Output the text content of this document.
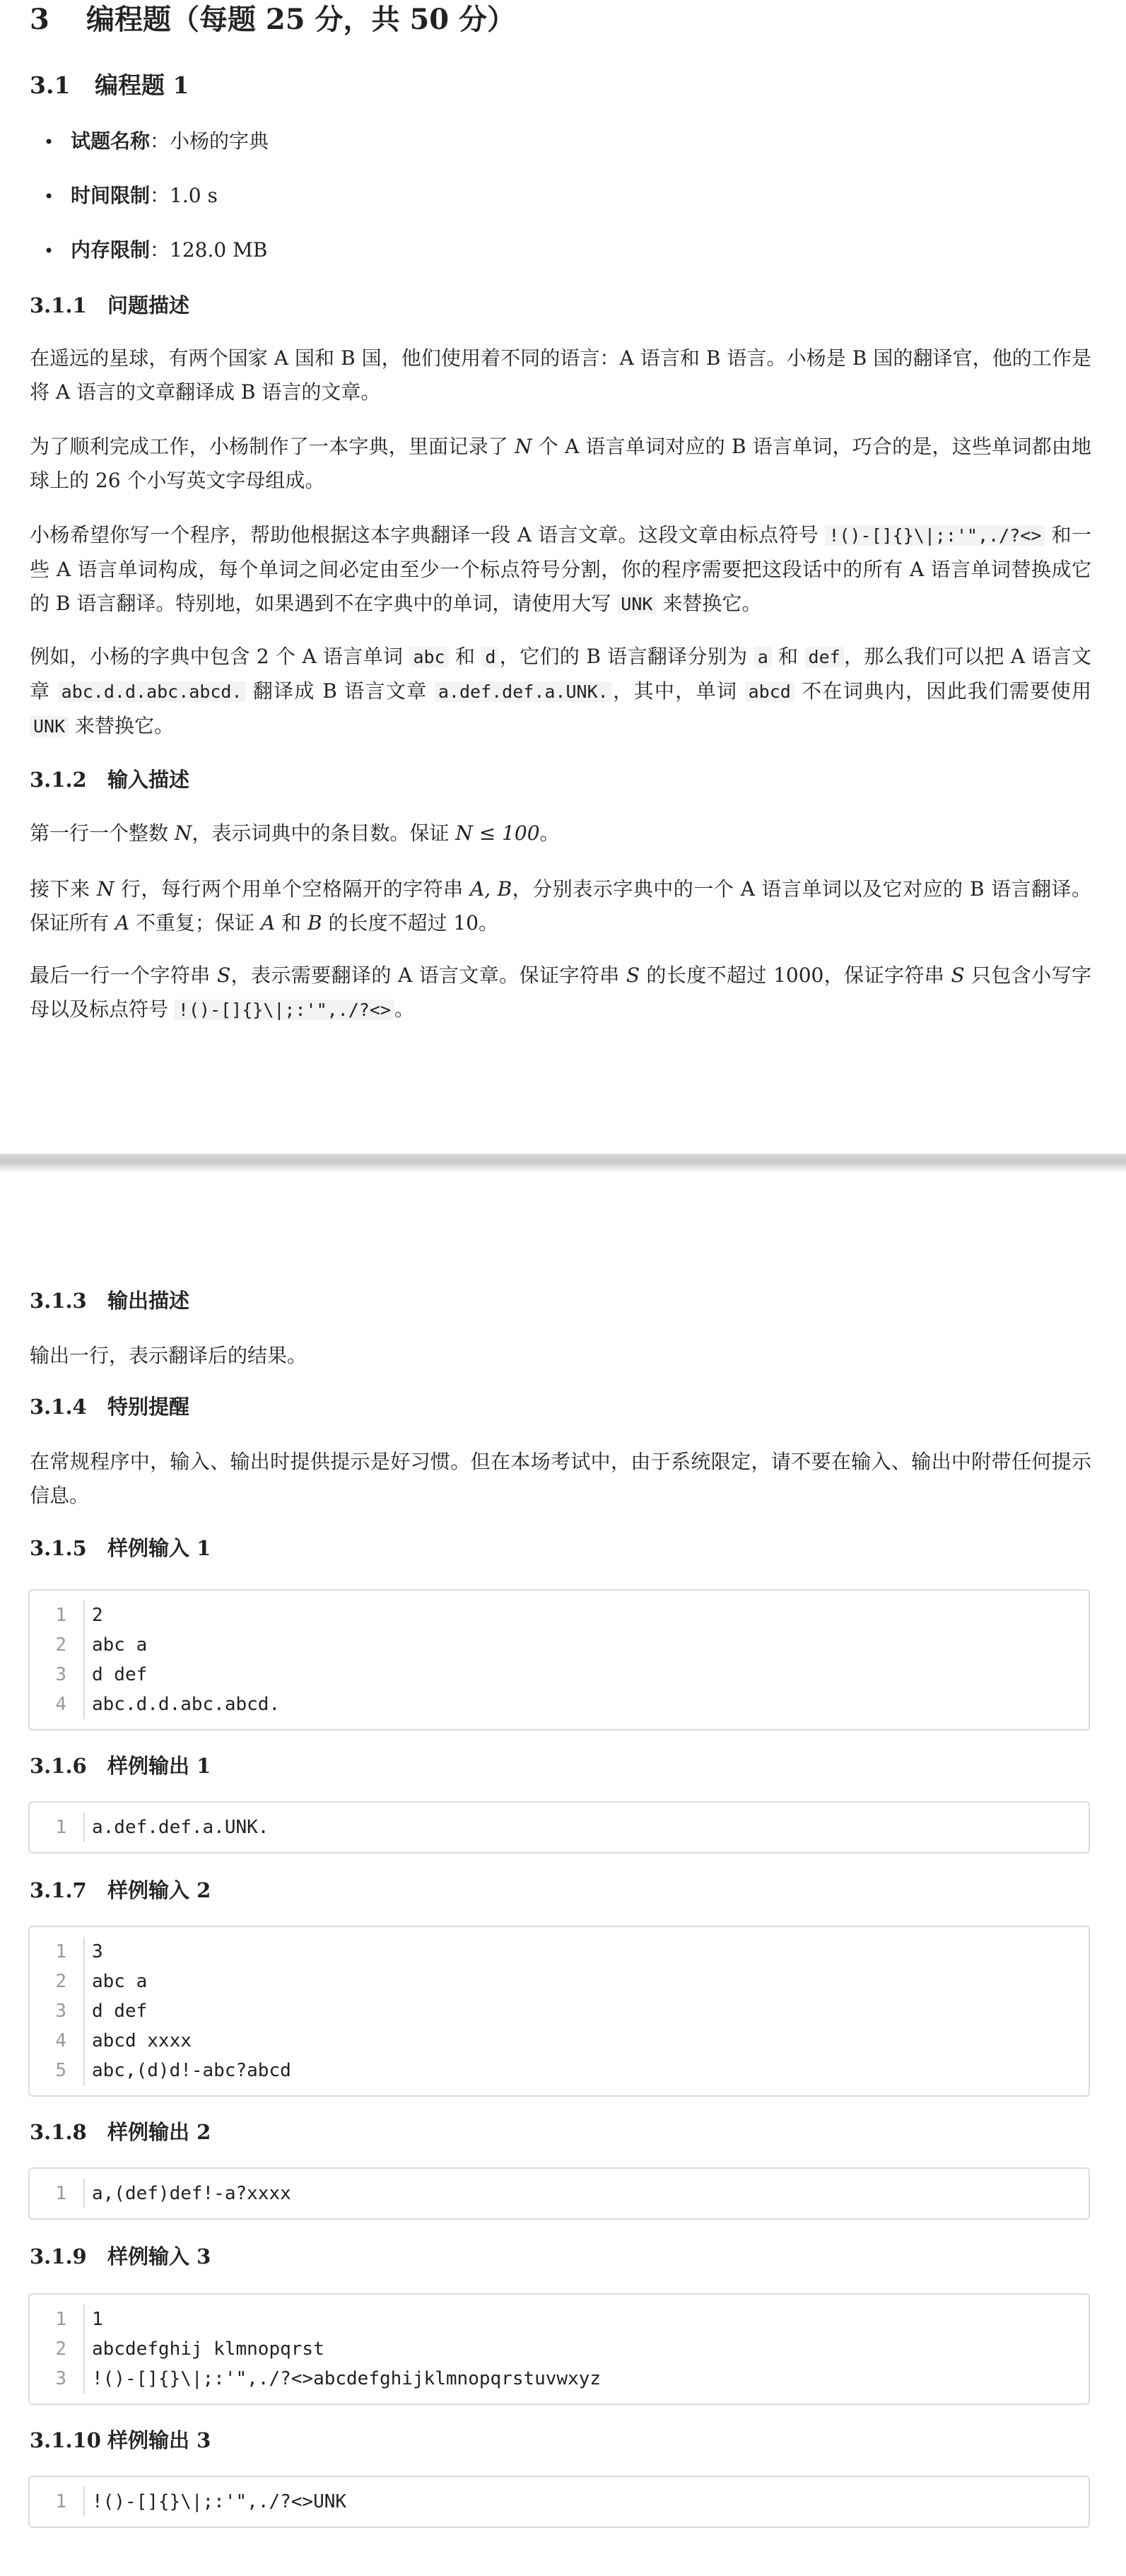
3 编程题（每题 25 分，共 50 分）
3.1 编程题 1
• 试题名称：小杨的字典
• 时间限制：1.0 s
• 内存限制：128.0 MB
3.1.1 问题描述
在遥远的星球，有两个国家 A 国和 B 国，他们使用着不同的语言：A 语言和 B 语言。小杨是 B 国的翻译官，他的工作是将 A 语言的文章翻译成 B 语言的文章。
为了顺利完成工作，小杨制作了一本字典，里面记录了 N 个 A 语言单词对应的 B 语言单词，巧合的是，这些单词都由地球上的 26 个小写英文字母组成。
小杨希望你写一个程序，帮助他根据这本字典翻译一段 A 语言文章。这段文章由标点符号 !()-[]{}\|;:'",./?<> 和一些 A 语言单词构成，每个单词之间必定由至少一个标点符号分割，你的程序需要把这段话中的所有 A 语言单词替换成它的 B 语言翻译。特别地，如果遇到不在字典中的单词，请使用大写 UNK 来替换它。
例如，小杨的字典中包含 2 个 A 语言单词 abc 和 d ，它们的 B 语言翻译分别为 a 和 def ，那么我们可以把 A 语言文章 abc.d.d.abc.abcd. 翻译成 B 语言文章 a.def.def.a.UNK. ，其中，单词 abcd 不在词典内，因此我们需要使用 UNK 来替换它。
3.1.2 输入描述
第一行一个整数 N，表示词典中的条目数。保证 N ≤ 100。
接下来 N 行，每行两个用单个空格隔开的字符串 A, B，分别表示字典中的一个 A 语言单词以及它对应的 B 语言翻译。保证所有 A 不重复；保证 A 和 B 的长度不超过 10。
最后一行一个字符串 S，表示需要翻译的 A 语言文章。保证字符串 S 的长度不超过 1000，保证字符串 S 只包含小写字母以及标点符号 !()-[]{}\|;:'",./?<> 。
3.1.3 输出描述
输出一行，表示翻译后的结果。
3.1.4 特别提醒
在常规程序中，输入、输出时提供提示是好习惯。但在本场考试中，由于系统限定，请不要在输入、输出中附带任何提示信息。
3.1.5 样例输入 1
1
2
3
4
2
abc a
d def
abc.d.d.abc.abcd.
3.1.6 样例输出 1
1	a.def.def.a.UNK.
3.1.7 样例输入 2
1
2
3
4
5
3
abc a
d def
abcd xxxx
abc,(d)d!-abc?abcd
3.1.8 样例输出 2
1	a,(def)def!-a?xxxx
3.1.9 样例输入 3
1
2
3
1
abcdefghij klmnopqrst
!()-[]{}\|;:'",./?<>abcdefghijklmnopqrstuvwxyz
3.1.10 样例输出 3
1	!()-[]{}\|;:'",./?<>UNK
